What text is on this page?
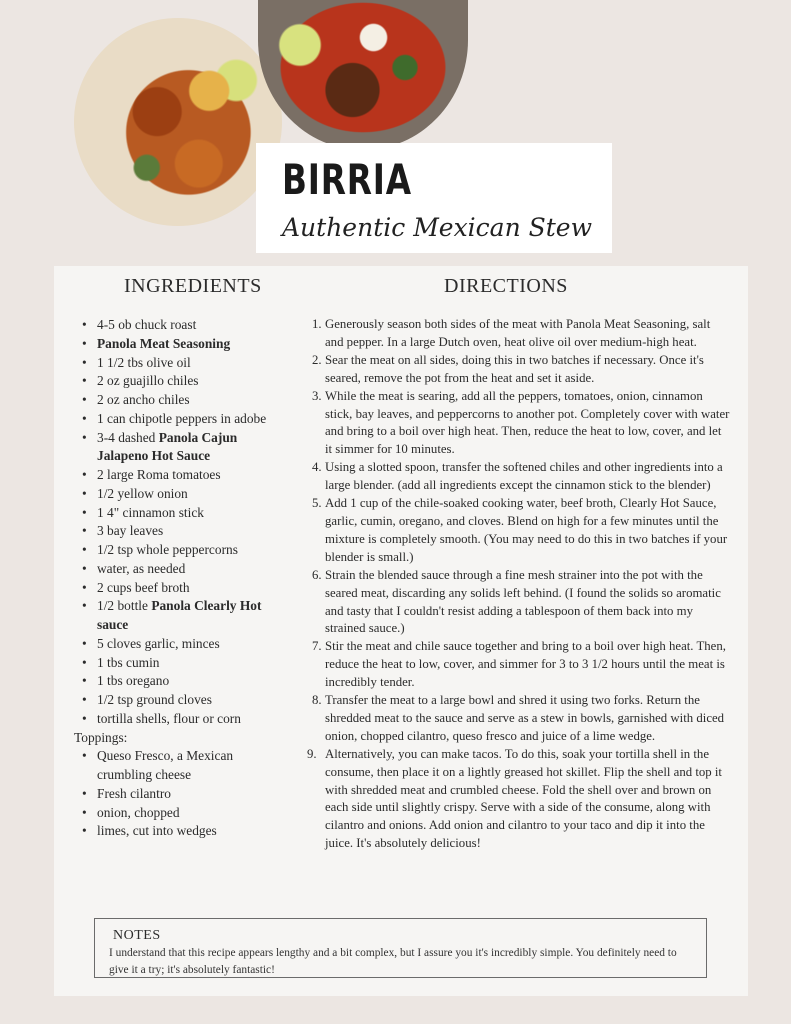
BIRRIA
Authentic Mexican Stew
INGREDIENTS	DIRECTIONS
• 4-5 ob chuck roast
• Panola Meat Seasoning
• 1 1/2 tbs olive oil
• 2 oz guajillo chiles
• 2 oz ancho chiles
• 1 can chipotle peppers in adobe
• 3-4 dashed Panola Cajun Jalapeno Hot Sauce
• 2 large Roma tomatoes
• 1/2 yellow onion
• 1 4" cinnamon stick
• 3 bay leaves
• 1/2 tsp whole peppercorns
• water, as needed
• 2 cups beef broth
• 1/2 bottle Panola Clearly Hot sauce
• 5 cloves garlic, minces
• 1 tbs cumin
• 1 tbs oregano
• 1/2 tsp ground cloves
• tortilla shells, flour or corn
Toppings:
• Queso Fresco, a Mexican crumbling cheese
• Fresh cilantro
• onion, chopped
• limes, cut into wedges
1. Generously season both sides of the meat with Panola Meat Seasoning, salt and pepper. In a large Dutch oven, heat olive oil over medium-high heat.
2. Sear the meat on all sides, doing this in two batches if necessary. Once it's seared, remove the pot from the heat and set it aside.
3. While the meat is searing, add all the peppers, tomatoes, onion, cinnamon stick, bay leaves, and peppercorns to another pot. Completely cover with water and bring to a boil over high heat. Then, reduce the heat to low, cover, and let it simmer for 10 minutes.
4. Using a slotted spoon, transfer the softened chiles and other ingredients into a large blender. (add all ingredients except the cinnamon stick to the blender)
5. Add 1 cup of the chile-soaked cooking water, beef broth, Clearly Hot Sauce, garlic, cumin, oregano, and cloves. Blend on high for a few minutes until the mixture is completely smooth. (You may need to do this in two batches if your blender is small.)
6. Strain the blended sauce through a fine mesh strainer into the pot with the seared meat, discarding any solids left behind. (I found the solids so aromatic and tasty that I couldn't resist adding a tablespoon of them back into my strained sauce.)
7. Stir the meat and chile sauce together and bring to a boil over high heat. Then, reduce the heat to low, cover, and simmer for 3 to 3 1/2 hours until the meat is incredibly tender.
8. Transfer the meat to a large bowl and shred it using two forks. Return the shredded meat to the sauce and serve as a stew in bowls, garnished with diced onion, chopped cilantro, queso fresco and juice of a lime wedge.
9. Alternatively, you can make tacos. To do this, soak your tortilla shell in the consume, then place it on a lightly greased hot skillet. Flip the shell and top it with shredded meat and crumbled cheese. Fold the shell over and brown on each side until slightly crispy. Serve with a side of the consume, along with cilantro and onions. Add onion and cilantro to your taco and dip it into the juice. It's absolutely delicious!
NOTES
I understand that this recipe appears lengthy and a bit complex, but I assure you it's incredibly simple. You definitely need to give it a try; it's absolutely fantastic!
